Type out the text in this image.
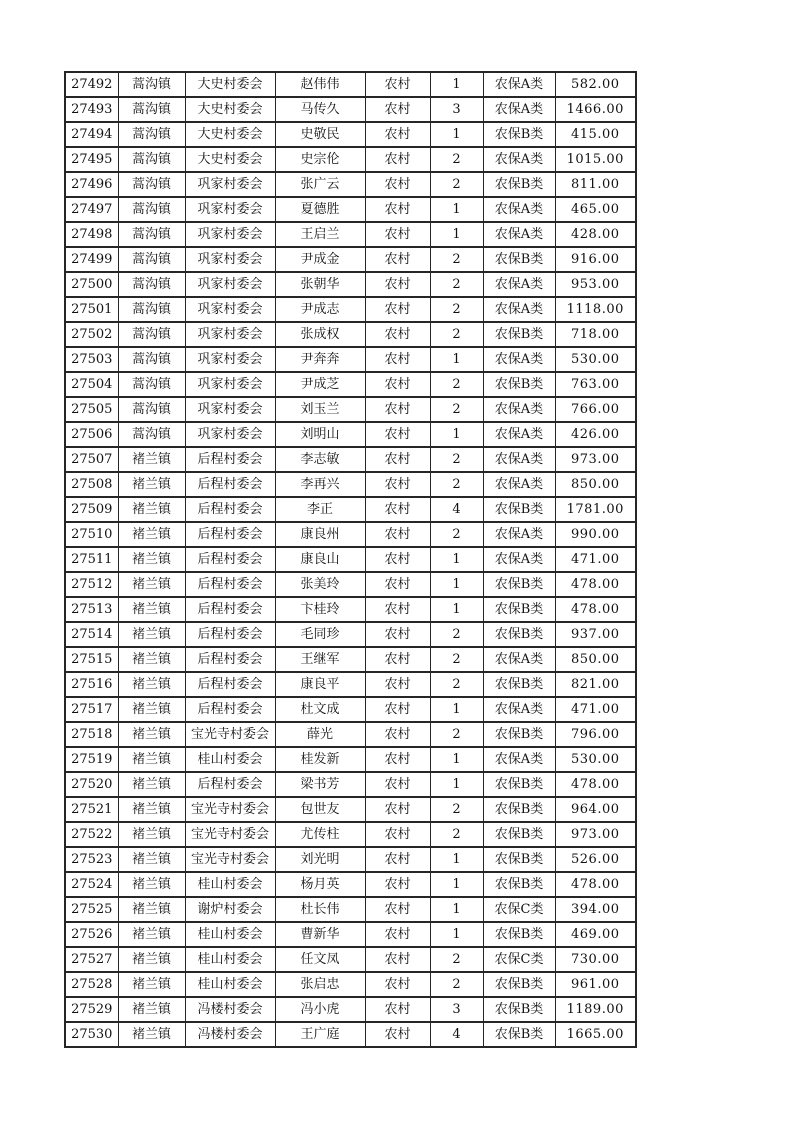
27492	蒿沟镇	大史村委会	赵伟伟	农村	1	农保A类	582.00
27493	蒿沟镇	大史村委会	马传久	农村	3	农保A类	1466.00
27494	蒿沟镇	大史村委会	史敬民	农村	1	农保B类	415.00
27495	蒿沟镇	大史村委会	史宗伦	农村	2	农保A类	1015.00
27496	蒿沟镇	巩家村委会	张广云	农村	2	农保B类	811.00
27497	蒿沟镇	巩家村委会	夏德胜	农村	1	农保A类	465.00
27498	蒿沟镇	巩家村委会	王启兰	农村	1	农保A类	428.00
27499	蒿沟镇	巩家村委会	尹成金	农村	2	农保B类	916.00
27500	蒿沟镇	巩家村委会	张朝华	农村	2	农保A类	953.00
27501	蒿沟镇	巩家村委会	尹成志	农村	2	农保A类	1118.00
27502	蒿沟镇	巩家村委会	张成权	农村	2	农保B类	718.00
27503	蒿沟镇	巩家村委会	尹奔奔	农村	1	农保A类	530.00
27504	蒿沟镇	巩家村委会	尹成芝	农村	2	农保B类	763.00
27505	蒿沟镇	巩家村委会	刘玉兰	农村	2	农保A类	766.00
27506	蒿沟镇	巩家村委会	刘明山	农村	1	农保A类	426.00
27507	褚兰镇	后程村委会	李志敏	农村	2	农保A类	973.00
27508	褚兰镇	后程村委会	李再兴	农村	2	农保A类	850.00
27509	褚兰镇	后程村委会	李正	农村	4	农保B类	1781.00
27510	褚兰镇	后程村委会	康良州	农村	2	农保A类	990.00
27511	褚兰镇	后程村委会	康良山	农村	1	农保A类	471.00
27512	褚兰镇	后程村委会	张美玲	农村	1	农保B类	478.00
27513	褚兰镇	后程村委会	卞桂玲	农村	1	农保B类	478.00
27514	褚兰镇	后程村委会	毛同珍	农村	2	农保B类	937.00
27515	褚兰镇	后程村委会	王继军	农村	2	农保A类	850.00
27516	褚兰镇	后程村委会	康良平	农村	2	农保B类	821.00
27517	褚兰镇	后程村委会	杜文成	农村	1	农保A类	471.00
27518	褚兰镇	宝光寺村委会	薛光	农村	2	农保B类	796.00
27519	褚兰镇	桂山村委会	桂发新	农村	1	农保A类	530.00
27520	褚兰镇	后程村委会	梁书芳	农村	1	农保B类	478.00
27521	褚兰镇	宝光寺村委会	包世友	农村	2	农保B类	964.00
27522	褚兰镇	宝光寺村委会	尤传柱	农村	2	农保B类	973.00
27523	褚兰镇	宝光寺村委会	刘光明	农村	1	农保B类	526.00
27524	褚兰镇	桂山村委会	杨月英	农村	1	农保B类	478.00
27525	褚兰镇	谢炉村委会	杜长伟	农村	1	农保C类	394.00
27526	褚兰镇	桂山村委会	曹新华	农村	1	农保B类	469.00
27527	褚兰镇	桂山村委会	任文凤	农村	2	农保C类	730.00
27528	褚兰镇	桂山村委会	张启忠	农村	2	农保B类	961.00
27529	褚兰镇	冯楼村委会	冯小虎	农村	3	农保B类	1189.00
27530	褚兰镇	冯楼村委会	王广庭	农村	4	农保B类	1665.00
